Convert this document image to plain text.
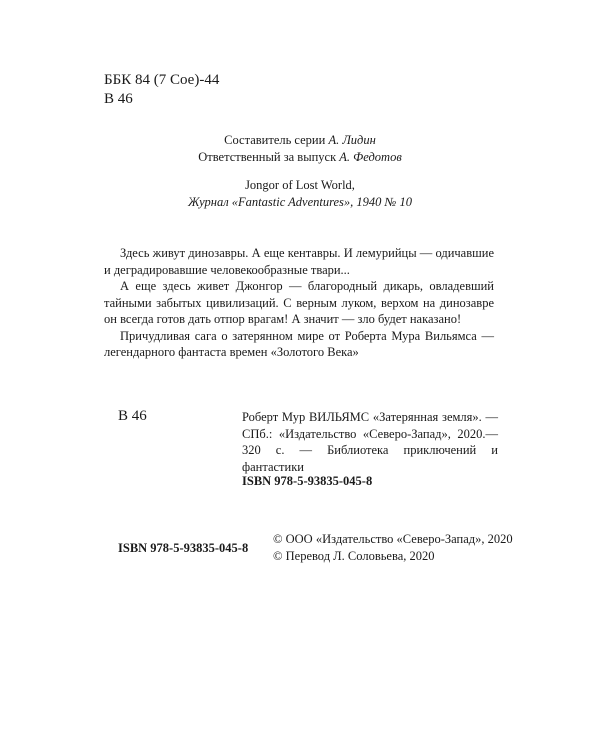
ББК 84 (7 Сое)-44
В 46
Составитель серии А. Лидин
Ответственный за выпуск А. Федотов
Jongor of Lost World,
Журнал «Fantastic Adventures», 1940 № 10

Здесь живут динозавры. А еще кентавры. И лемурийцы — одичавшие и деградировавшие человекообразные твари...

А еще здесь живет Джонгор — благородный дикарь, овладевший тайными забытых цивилизаций. С верным луком, верхом на динозавре он всегда готов дать отпор врагам! А значит — зло будет наказано!

Причудливая сага о затерянном мире от Роберта Мура Вильямса — легендарного фантаста времен «Золотого Века»

В 46	Роберт Мур ВИЛЬЯМС «Затерянная земля». — СПб.: «Издательство «Северо-Запад», 2020.— 320 с. — Библиотека приключений и фантастики
ISBN 978-5-93835-045-8
ISBN 978-5-93835-045-8
© ООО «Издательство «Северо-Запад», 2020
© Перевод Л. Соловьева, 2020
